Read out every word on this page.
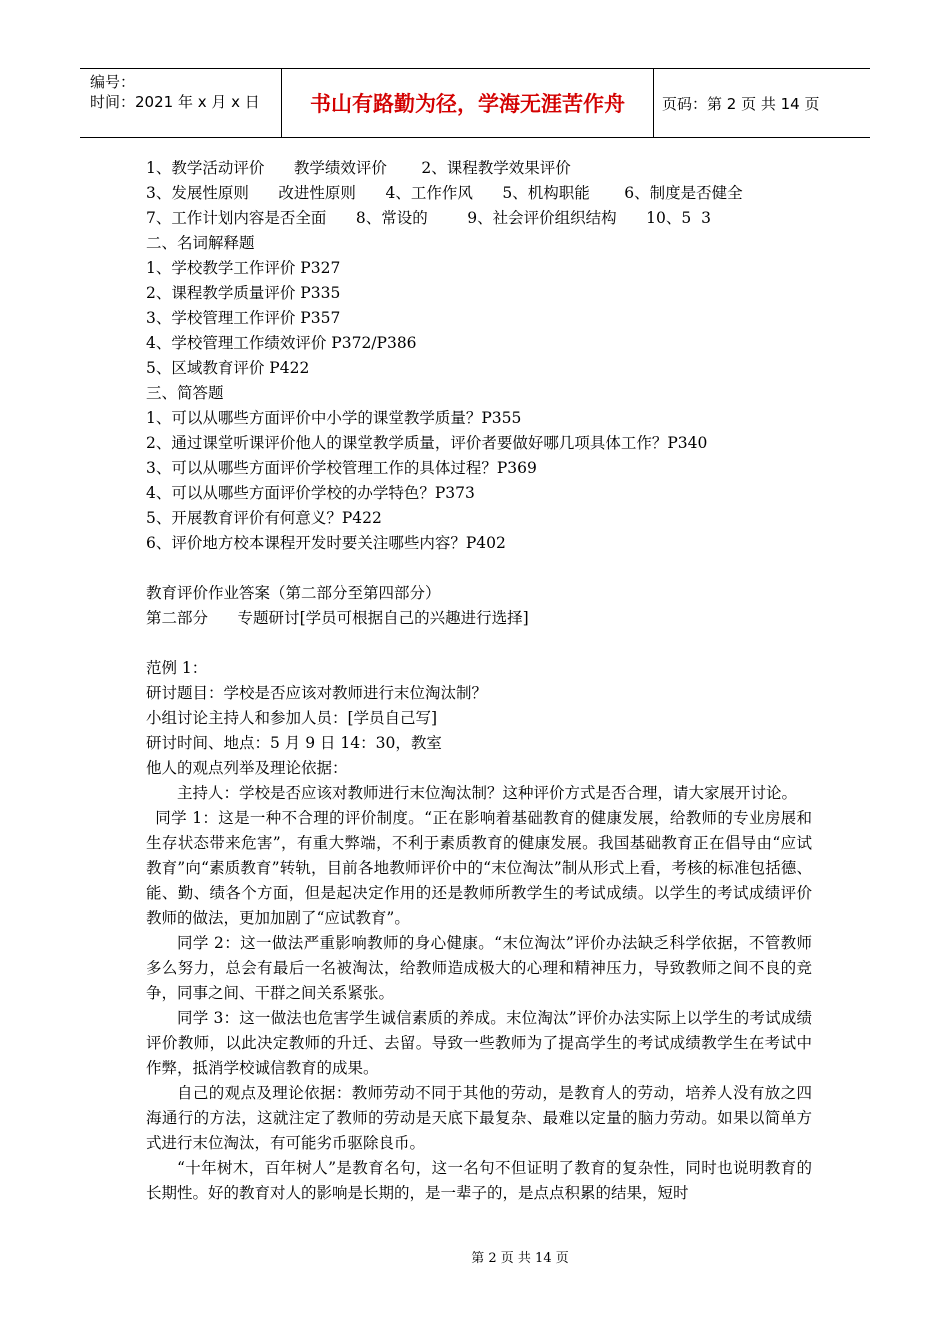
编号：
时间：2021 年 x 月 x 日	书山有路勤为径，学海无涯苦作舟	页码：第 2 页 共 14 页
1、教学活动评价      教学绩效评价       2、课程教学效果评价
3、发展性原则      改进性原则      4、工作作风      5、机构职能       6、制度是否健全
7、工作计划内容是否全面      8、常设的        9、社会评价组织结构      10、5  3
二、名词解释题
1、学校教学工作评价 P327
2、课程教学质量评价 P335
3、学校管理工作评价 P357
4、学校管理工作绩效评价 P372/P386
5、区域教育评价 P422
三、简答题
1、可以从哪些方面评价中小学的课堂教学质量？P355
2、通过课堂听课评价他人的课堂教学质量，评价者要做好哪几项具体工作？P340
3、可以从哪些方面评价学校管理工作的具体过程？P369
4、可以从哪些方面评价学校的办学特色？P373
5、开展教育评价有何意义？P422
6、评价地方校本课程开发时要关注哪些内容？P402
教育评价作业答案（第二部分至第四部分）
第二部分      专题研讨[学员可根据自己的兴趣进行选择]
范例 1：
研讨题目：学校是否应该对教师进行末位淘汰制？
小组讨论主持人和参加人员：[学员自己写]
研讨时间、地点：5 月 9 日 14：30，教室
他人的观点列举及理论依据：
主持人：学校是否应该对教师进行末位淘汰制？这种评价方式是否合理，请大家展开讨论。
同学 1：这是一种不合理的评价制度。“正在影响着基础教育的健康发展，给教师的专业房展和生存状态带来危害”，有重大弊端，不利于素质教育的健康发展。我国基础教育正在倡导由“应试教育”向“素质教育”转轨，目前各地教师评价中的“末位淘汰”制从形式上看，考核的标准包括德、能、勤、绩各个方面，但是起决定作用的还是教师所教学生的考试成绩。以学生的考试成绩评价教师的做法，更加加剧了“应试教育”。
同学 2：这一做法严重影响教师的身心健康。“末位淘汰”评价办法缺乏科学依据，不管教师多么努力，总会有最后一名被淘汰，给教师造成极大的心理和精神压力，导致教师之间不良的竞争，同事之间、干群之间关系紧张。
同学 3：这一做法也危害学生诚信素质的养成。末位淘汰”评价办法实际上以学生的考试成绩评价教师，以此决定教师的升迁、去留。导致一些教师为了提高学生的考试成绩教学生在考试中作弊，抵消学校诚信教育的成果。
自己的观点及理论依据：教师劳动不同于其他的劳动，是教育人的劳动，培养人没有放之四海通行的方法，这就注定了教师的劳动是天底下最复杂、最难以定量的脑力劳动。如果以简单方式进行末位淘汰，有可能劣币驱除良币。
“十年树木，百年树人”是教育名句，这一名句不但证明了教育的复杂性，同时也说明教育的长期性。好的教育对人的影响是长期的，是一辈子的，是点点积累的结果，短时
第 2 页 共 14 页
